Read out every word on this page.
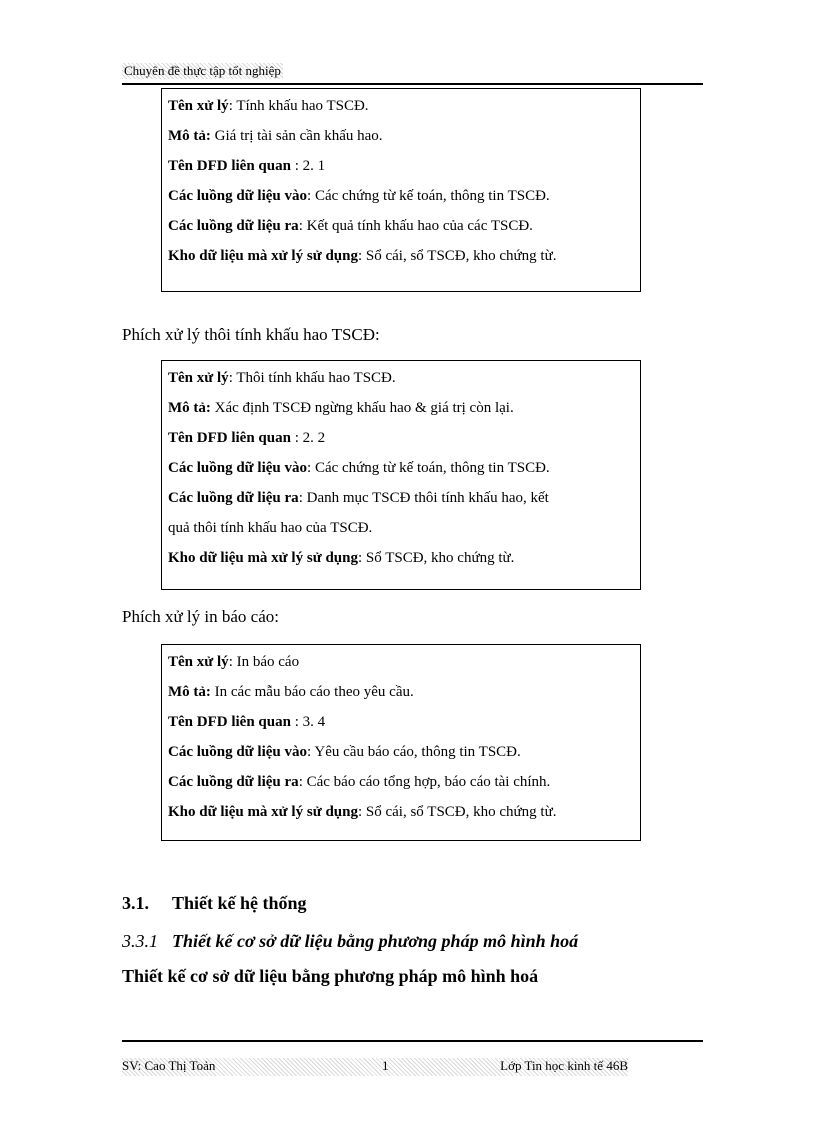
Chuyên đề thực tập tốt nghiệp
Tên xử lý: Tính khấu hao TSCĐ.
Mô tả: Giá trị tài sản cần khấu hao.
Tên DFD liên quan : 2. 1
Các luồng dữ liệu vào: Các chứng từ kế toán, thông tin TSCĐ.
Các luồng dữ liệu ra: Kết quả tính khấu hao của các TSCĐ.
Kho dữ liệu mà xử lý sử dụng: Sổ cái, sổ TSCĐ, kho chứng từ.
Phích xử lý thôi tính khấu hao TSCĐ:
Tên xử lý: Thôi tính khấu hao TSCĐ.
Mô tả: Xác định TSCĐ ngừng khấu hao & giá trị còn lại.
Tên DFD liên quan : 2. 2
Các luồng dữ liệu vào: Các chứng từ kế toán, thông tin TSCĐ.
Các luồng dữ liệu ra: Danh mục TSCĐ thôi tính khấu hao, kết
quả thôi tính khấu hao của TSCĐ.
Kho dữ liệu mà xử lý sử dụng: Sổ TSCĐ, kho chứng từ.
Phích xử lý in báo cáo:
Tên xử lý: In báo cáo
Mô tả: In các mẫu báo cáo theo yêu cầu.
Tên DFD liên quan : 3. 4
Các luồng dữ liệu vào: Yêu cầu báo cáo, thông tin TSCĐ.
Các luồng dữ liệu ra: Các báo cáo tổng hợp, báo cáo tài chính.
Kho dữ liệu mà xử lý sử dụng: Sổ cái, sổ TSCĐ, kho chứng từ.
3.1. Thiết kế hệ thống
3.3.1 Thiết kế cơ sở dữ liệu bằng phương pháp mô hình hoá
Thiết kế cơ sở dữ liệu bằng phương pháp mô hình hoá
SV: Cao Thị Toản	1	Lớp Tin học kinh tế 46B
